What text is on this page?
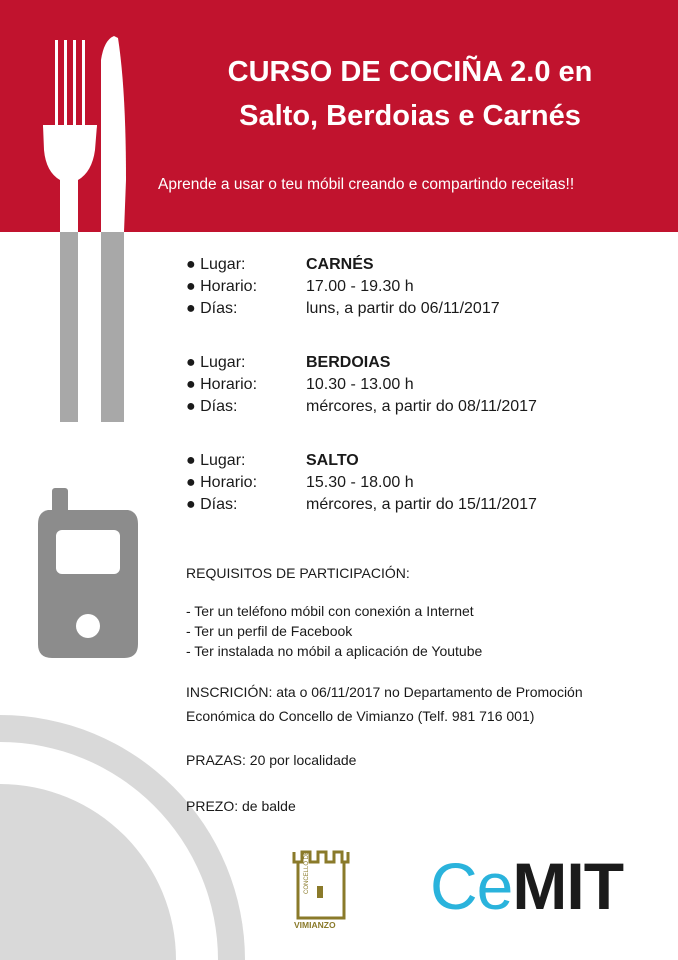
CURSO DE COCIÑA 2.0 en
Salto, Berdoias e Carnés
Aprende a usar o teu móbil creando e compartindo receitas!!
● Lugar:	CARNÉS
● Horario:	17.00 - 19.30 h
● Días:	luns, a partir do 06/11/2017
● Lugar:	BERDOIAS
● Horario:	10.30 - 13.00 h
● Días:	mércores, a partir do 08/11/2017
● Lugar:	SALTO
● Horario:	15.30 - 18.00 h
● Días:	mércores, a partir do 15/11/2017
REQUISITOS DE PARTICIPACIÓN:
- Ter un teléfono móbil con conexión a Internet
- Ter un perfil de Facebook
- Ter instalada no móbil a aplicación de Youtube
INSCRICIÓN: ata o 06/11/2017 no Departamento de Promoción
Económica do Concello de Vimianzo (Telf. 981 716 001)
PRAZAS: 20 por localidade
PREZO: de balde
CONCELLO DE
VIMIANZO
CeMIT
